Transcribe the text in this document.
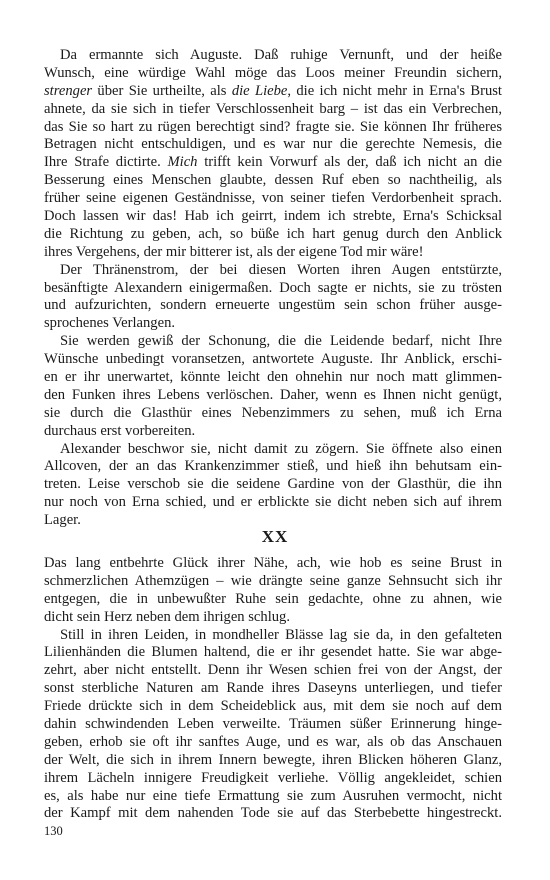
Da ermannte sich Auguste. Daß ruhige Vernunft, und der heiße
Wunsch, eine würdige Wahl möge das Loos meiner Freundin sichern,
strenger über Sie urtheilte, als die Liebe, die ich nicht mehr in Erna's Brust
ahnete, da sie sich in tiefer Verschlossenheit barg – ist das ein Verbrechen,
das Sie so hart zu rügen berechtigt sind? fragte sie. Sie können Ihr früheres
Betragen nicht entschuldigen, und es war nur die gerechte Nemesis, die
Ihre Strafe dictirte. Mich trifft kein Vorwurf als der, daß ich nicht an die
Besserung eines Menschen glaubte, dessen Ruf eben so nachtheilig, als
früher seine eigenen Geständnisse, von seiner tiefen Verdorbenheit sprach.
Doch lassen wir das! Hab ich geirrt, indem ich strebte, Erna's Schicksal
die Richtung zu geben, ach, so büße ich hart genug durch den Anblick
ihres Vergehens, der mir bitterer ist, als der eigene Tod mir wäre!
Der Thränenstrom, der bei diesen Worten ihren Augen entstürzte,
besänftigte Alexandern einigermaßen. Doch sagte er nichts, sie zu trösten
und aufzurichten, sondern erneuerte ungestüm sein schon früher ausge-
sprochenes Verlangen.
Sie werden gewiß der Schonung, die die Leidende bedarf, nicht Ihre
Wünsche unbedingt voransetzen, antwortete Auguste. Ihr Anblick, erschi-
en er ihr unerwartet, könnte leicht den ohnehin nur noch matt glimmen-
den Funken ihres Lebens verlöschen. Daher, wenn es Ihnen nicht genügt,
sie durch die Glasthür eines Nebenzimmers zu sehen, muß ich Erna
durchaus erst vorbereiten.
Alexander beschwor sie, nicht damit zu zögern. Sie öffnete also einen
Allcoven, der an das Krankenzimmer stieß, und hieß ihn behutsam ein-
treten. Leise verschob sie die seidene Gardine von der Glasthür, die ihn
nur noch von Erna schied, und er erblickte sie dicht neben sich auf ihrem
Lager.
XX
Das lang entbehrte Glück ihrer Nähe, ach, wie hob es seine Brust in
schmerzlichen Athemzügen – wie drängte seine ganze Sehnsucht sich ihr
entgegen, die in unbewußter Ruhe sein gedachte, ohne zu ahnen, wie
dicht sein Herz neben dem ihrigen schlug.
Still in ihren Leiden, in mondheller Blässe lag sie da, in den gefalteten
Lilienhänden die Blumen haltend, die er ihr gesendet hatte. Sie war abge-
zehrt, aber nicht entstellt. Denn ihr Wesen schien frei von der Angst, der
sonst sterbliche Naturen am Rande ihres Daseyns unterliegen, und tiefer
Friede drückte sich in dem Scheideblick aus, mit dem sie noch auf dem
dahin schwindenden Leben verweilte. Träumen süßer Erinnerung hinge-
geben, erhob sie oft ihr sanftes Auge, und es war, als ob das Anschauen
der Welt, die sich in ihrem Innern bewegte, ihren Blicken höheren Glanz,
ihrem Lächeln innigere Freudigkeit verliehe. Völlig angekleidet, schien
es, als habe nur eine tiefe Ermattung sie zum Ausruhen vermocht, nicht
der Kampf mit dem nahenden Tode sie auf das Sterbebette hingestreckt.
130
